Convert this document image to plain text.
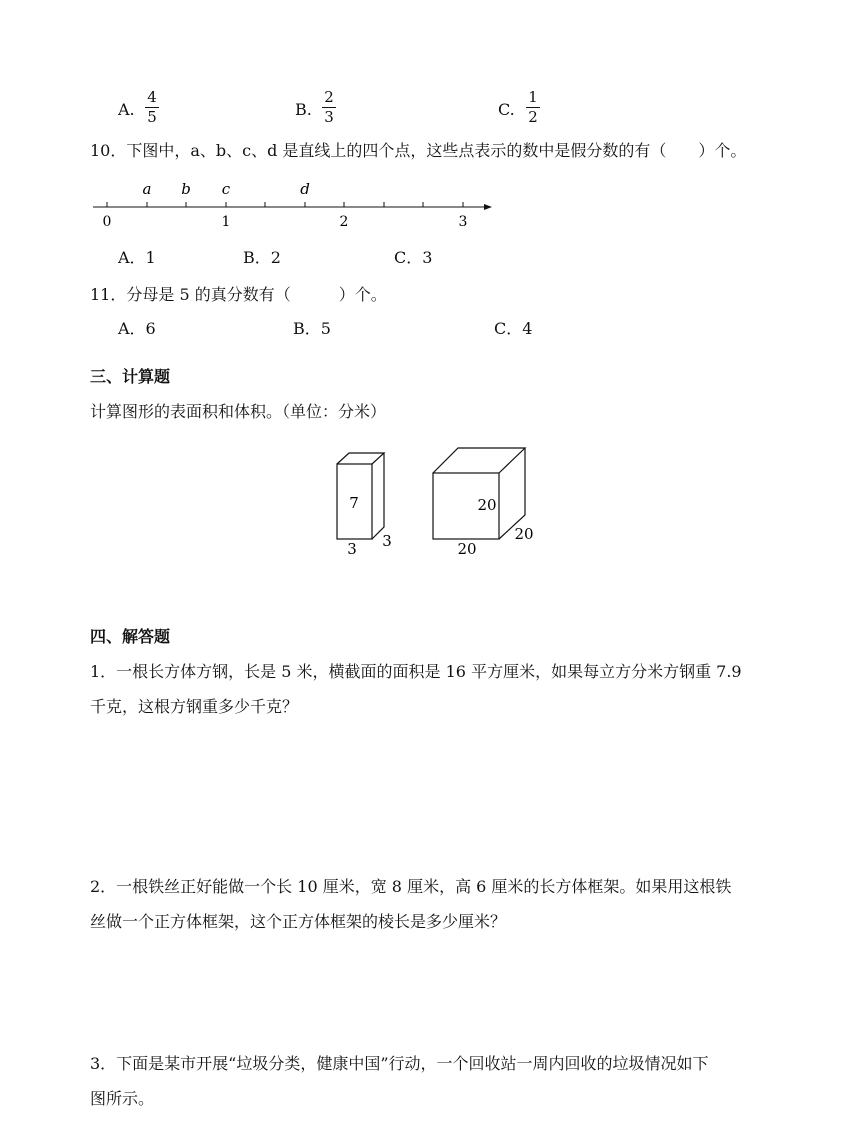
A.
4
5	B.
2
3	C.
1
2
10．下图中，a、b、c、d 是直线上的四个点，这些点表示的数中是假分数的有（　　）个。
a b c	d
0	1	2	3
A．1	B．2	C．3
11．分母是 5 的真分数有（　　　）个。
A．6	B．5	C．4
三、计算题
计算图形的表面积和体积。（单位：分米）
7
3 3
20
20
20
四、解答题
1．一根长方体方钢，长是 5 米，横截面的面积是 16 平方厘米，如果每立方分米方钢重 7.9
千克，这根方钢重多少千克？
2．一根铁丝正好能做一个长 10 厘米，宽 8 厘米，高 6 厘米的长方体框架。如果用这根铁
丝做一个正方体框架，这个正方体框架的棱长是多少厘米？
3．下面是某市开展“垃圾分类，健康中国”行动，一个回收站一周内回收的垃圾情况如下
图所示。
